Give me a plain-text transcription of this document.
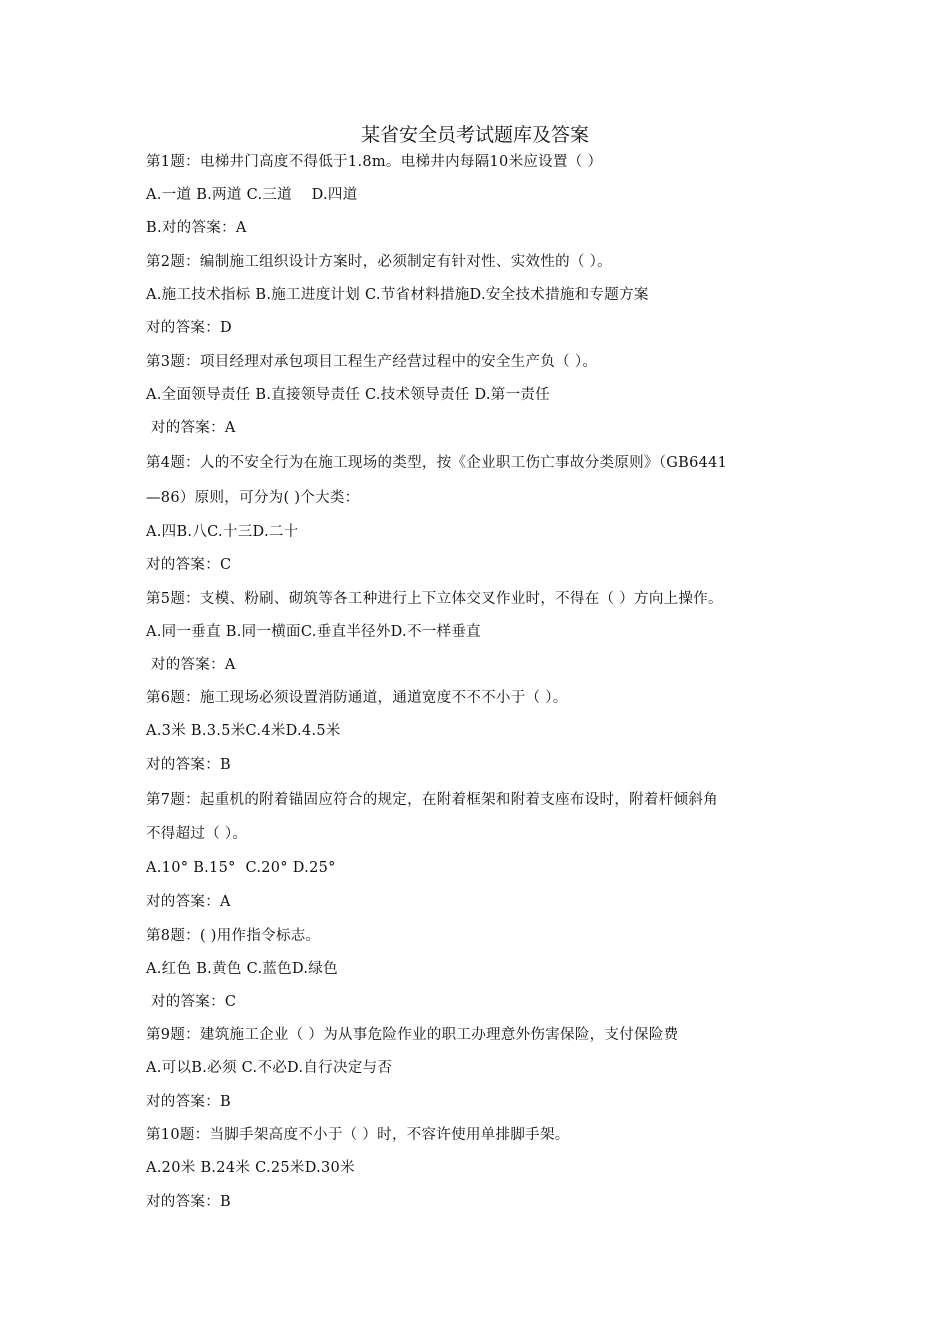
某省安全员考试题库及答案
第1题：电梯井门高度不得低于1.8m。电梯井内每隔10米应设置（ ）
A.一道 B.两道 C.三道    D.四道
B.对的答案：A
第2题：编制施工组织设计方案时，必须制定有针对性、实效性的（ ）。
A.施工技术指标 B.施工进度计划 C.节省材料措施D.安全技术措施和专题方案
对的答案：D
第3题：项目经理对承包项目工程生产经营过程中的安全生产负（ ）。
A.全面领导责任 B.直接领导责任 C.技术领导责任 D.第一责任
对的答案：A
第4题：人的不安全行为在施工现场的类型，按《企业职工伤亡事故分类原则》（GB6441
—86）原则，可分为( )个大类：
A.四B.八C.十三D.二十
对的答案：C
第5题：支模、粉刷、砌筑等各工种进行上下立体交叉作业时，不得在（ ）方向上操作。
A.同一垂直 B.同一横面C.垂直半径外D.不一样垂直
对的答案：A
第6题：施工现场必须设置消防通道，通道宽度不不不小于（ ）。
A.3米 B.3.5米C.4米D.4.5米
对的答案：B
第7题：起重机的附着锚固应符合的规定，在附着框架和附着支座布设时，附着杆倾斜角
不得超过（ ）。
A.10° B.15°  C.20° D.25°
对的答案：A
第8题：( )用作指令标志。
A.红色 B.黄色 C.蓝色D.绿色
对的答案：C
第9题：建筑施工企业（ ）为从事危险作业的职工办理意外伤害保险，支付保险费
A.可以B.必须 C.不必D.自行决定与否
对的答案：B
第10题：当脚手架高度不小于（ ）时，不容许使用单排脚手架。
A.20米 B.24米 C.25米D.30米
对的答案：B
